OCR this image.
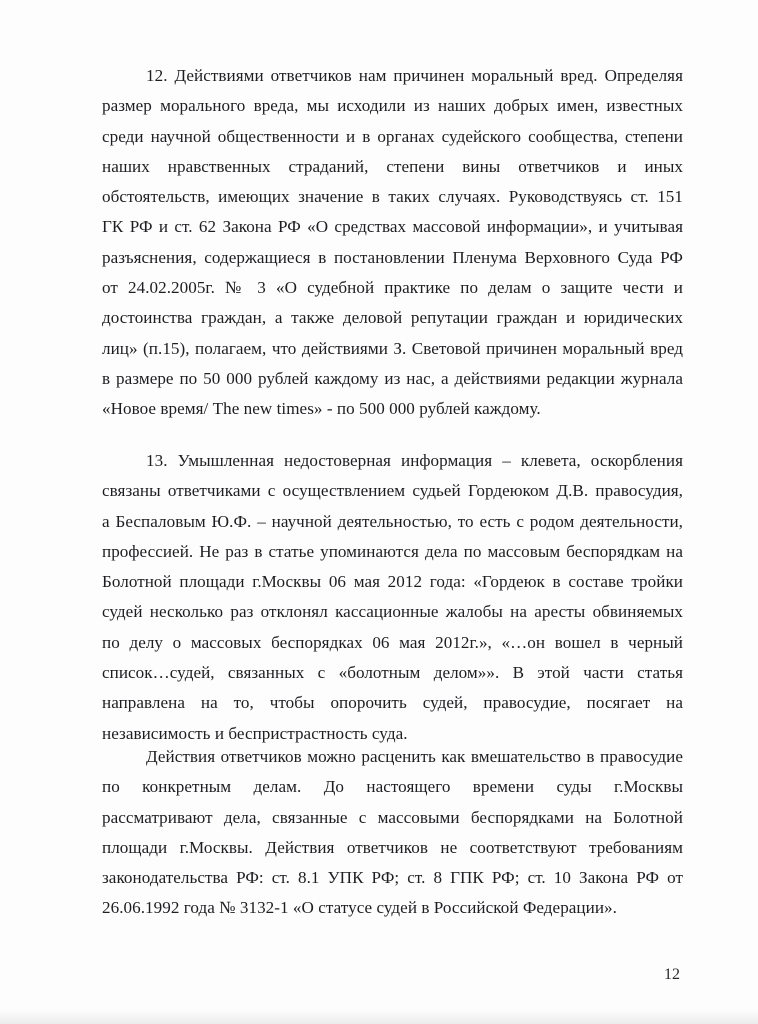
12. Действиями ответчиков нам причинен моральный вред. Определяя
размер морального вреда, мы исходили из наших добрых имен, известных
среди научной общественности и в органах судейского сообщества, степени
наших нравственных страданий, степени вины ответчиков и иных
обстоятельств, имеющих значение в таких случаях. Руководствуясь ст. 151
ГК РФ и ст. 62 Закона РФ «О средствах массовой информации», и учитывая
разъяснения, содержащиеся в постановлении Пленума Верховного Суда РФ
от 24.02.2005г. № 3 «О судебной практике по делам о защите чести и
достоинства граждан, а также деловой репутации граждан и юридических
лиц» (п.15), полагаем, что действиями З. Световой причинен моральный вред
в размере по 50 000 рублей каждому из нас, а действиями редакции журнала
«Новое время/ The new times» - по 500 000 рублей каждому.
13. Умышленная недостоверная информация – клевета, оскорбления
связаны ответчиками с осуществлением судьей Гордеюком Д.В. правосудия,
а Беспаловым Ю.Ф. – научной деятельностью, то есть с родом деятельности,
профессией. Не раз в статье упоминаются дела по массовым беспорядкам на
Болотной площади г.Москвы 06 мая 2012 года: «Гордеюк в составе тройки
судей несколько раз отклонял кассационные жалобы на аресты обвиняемых
по делу о массовых беспорядках 06 мая 2012г.», «…он вошел в черный
список…судей, связанных с «болотным делом»». В этой части статья
направлена на то, чтобы опорочить судей, правосудие, посягает на
независимость и беспристрастность суда.
Действия ответчиков можно расценить как вмешательство в правосудие
по конкретным делам. До настоящего времени суды г.Москвы
рассматривают дела, связанные с массовыми беспорядками на Болотной
площади г.Москвы. Действия ответчиков не соответствуют требованиям
законодательства РФ: ст. 8.1 УПК РФ; ст. 8 ГПК РФ; ст. 10 Закона РФ от
26.06.1992 года № 3132-1 «О статусе судей в Российской Федерации».
12
